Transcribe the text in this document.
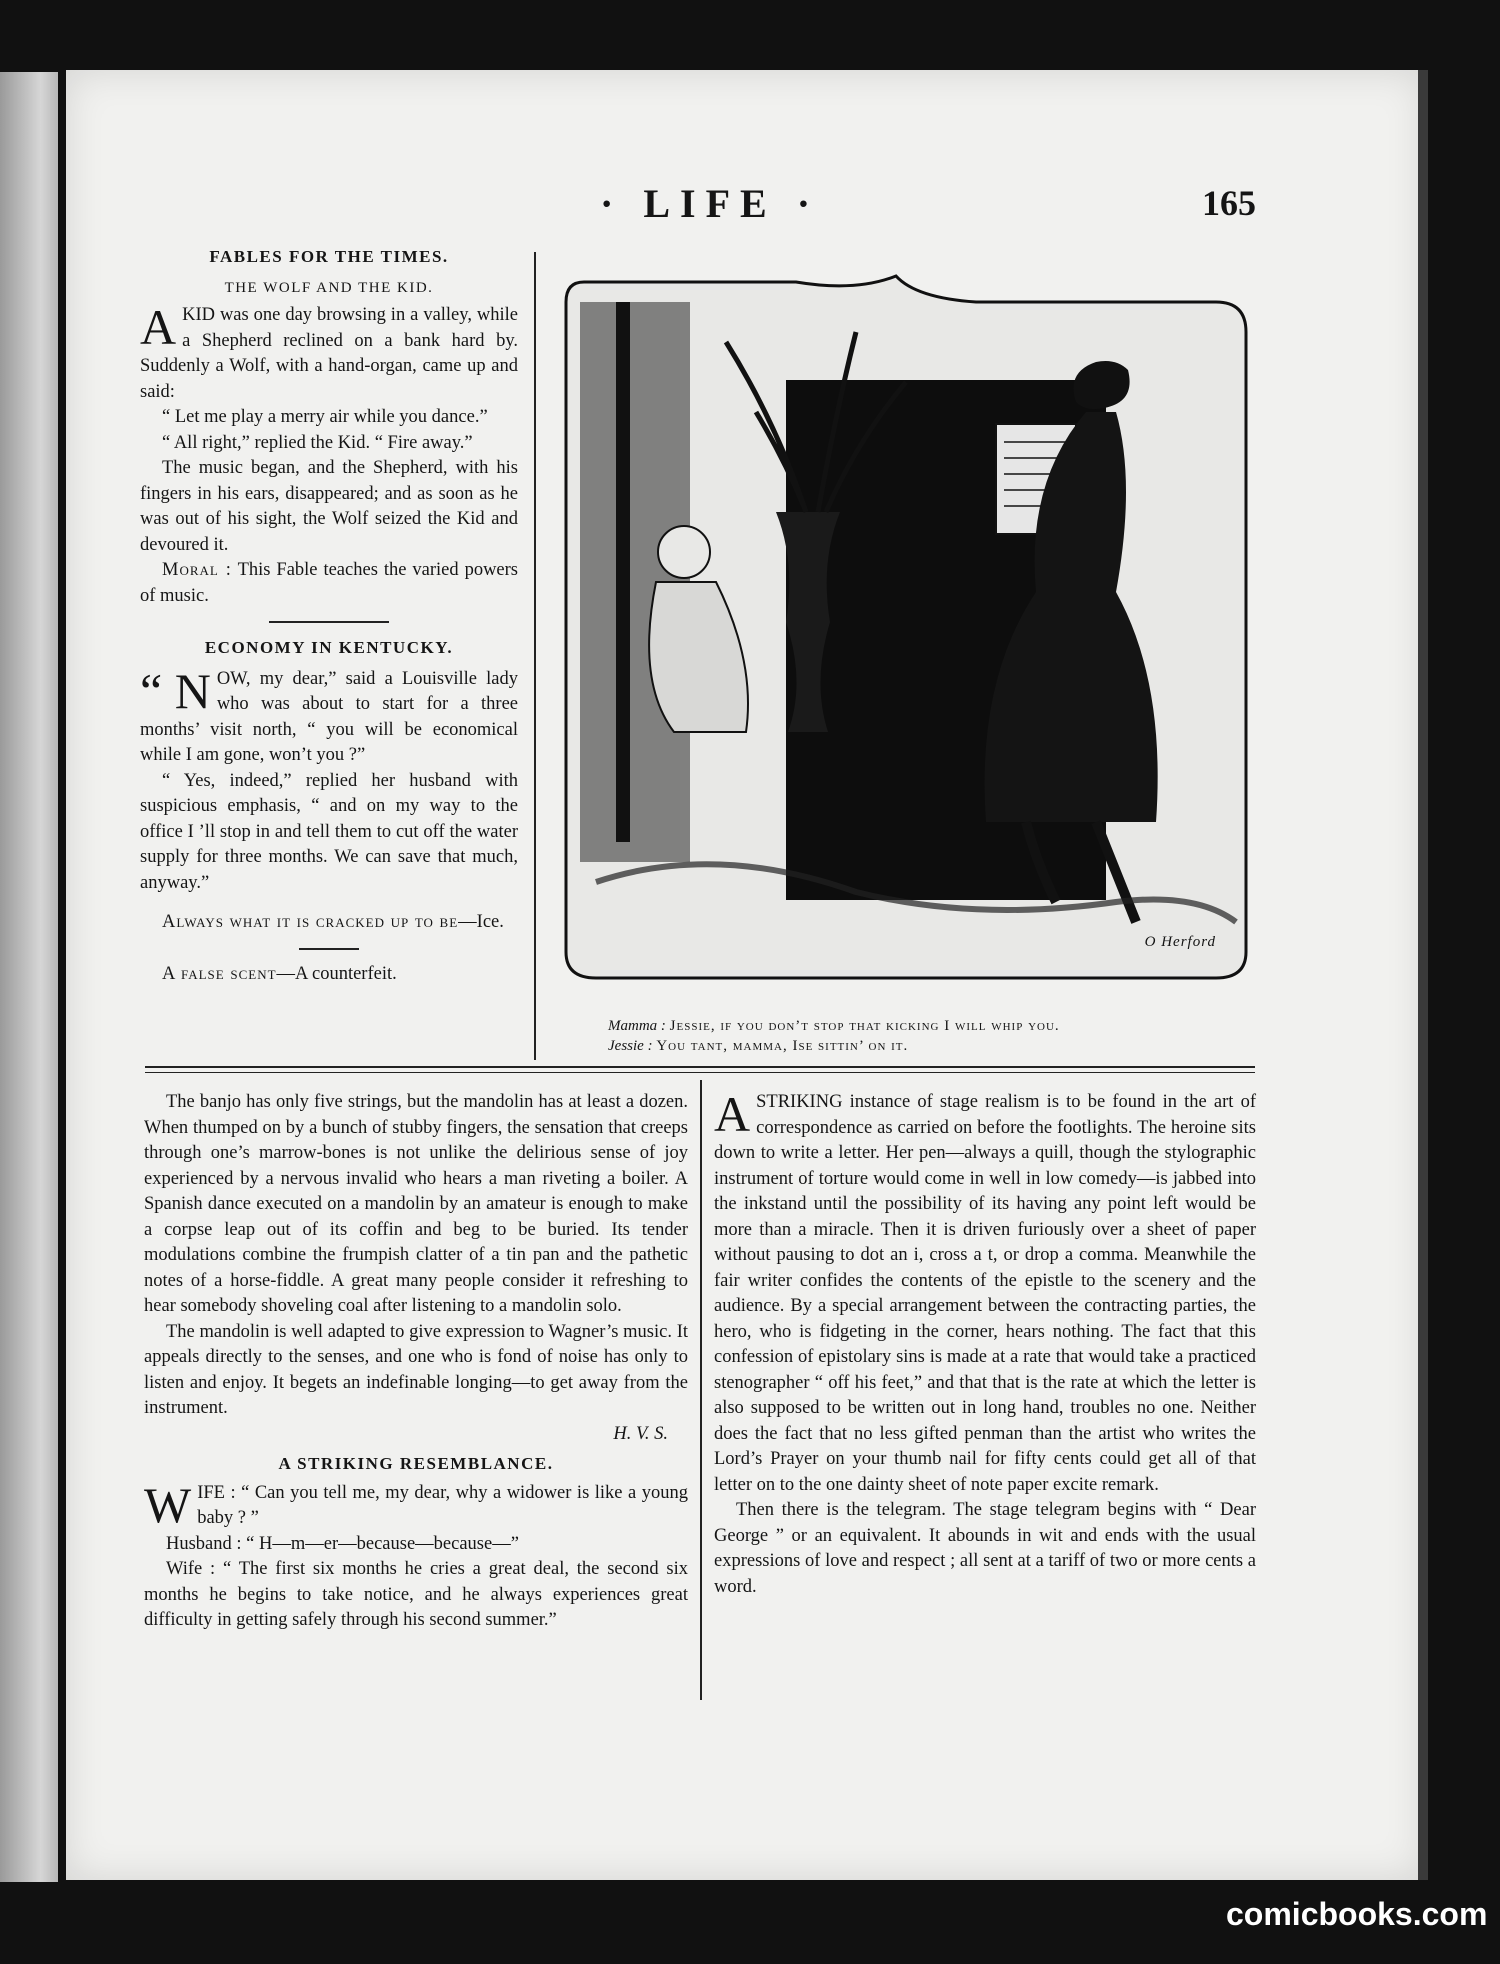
· LIFE ·	165
FABLES FOR THE TIMES.
THE WOLF AND THE KID.

AKID was one day browsing in a valley, while a Shepherd reclined on a bank hard by. Suddenly a Wolf, with a hand-organ, came up and said:

“ Let me play a merry air while you dance.”

“ All right,” replied the Kid. “ Fire away.”

The music began, and the Shepherd, with his fingers in his ears, disappeared; and as soon as he was out of his sight, the Wolf seized the Kid and devoured it.

Moral : This Fable teaches the varied powers of music.

ECONOMY IN KENTUCKY.

“ N OW, my dear,” said a Louisville lady who was about to start for a three months’ visit north, “ you will be economical while I am gone, won’t you ?”

“ Yes, indeed,” replied her husband with suspicious emphasis, “ and on my way to the office I ’ll stop in and tell them to cut off the water supply for three months. We can save that much, anyway.”

Always what it is cracked up to be—Ice.

A false scent—A counterfeit.

O Herford
Mamma : Jessie, if you don’t stop that kicking I will whip you.
Jessie : You tant, mamma, Ise sittin’ on it.

The banjo has only five strings, but the mandolin has at least a dozen. When thumped on by a bunch of stubby fingers, the sensation that creeps through one’s marrow-bones is not unlike the delirious sense of joy experienced by a nervous invalid who hears a man riveting a boiler. A Spanish dance executed on a mandolin by an amateur is enough to make a corpse leap out of its coffin and beg to be buried. Its tender modulations combine the frumpish clatter of a tin pan and the pathetic notes of a horse-fiddle. A great many people consider it refreshing to hear somebody shoveling coal after listening to a mandolin solo.

The mandolin is well adapted to give expression to Wagner’s music. It appeals directly to the senses, and one who is fond of noise has only to listen and enjoy. It begets an indefinable longing—to get away from the instrument.

H. V. S.

A STRIKING RESEMBLANCE.

WIFE : “ Can you tell me, my dear, why a widower is like a young baby ? ”

Husband : “ H—m—er—because—because—”

Wife : “ The first six months he cries a great deal, the second six months he begins to take notice, and he always experiences great difficulty in getting safely through his second summer.”

ASTRIKING instance of stage realism is to be found in the art of correspondence as carried on before the footlights. The heroine sits down to write a letter. Her pen—always a quill, though the stylographic instrument of torture would come in well in low comedy—is jabbed into the inkstand until the possibility of its having any point left would be more than a miracle. Then it is driven furiously over a sheet of paper without pausing to dot an i, cross a t, or drop a comma. Meanwhile the fair writer confides the contents of the epistle to the scenery and the audience. By a special arrangement between the contracting parties, the hero, who is fidgeting in the corner, hears nothing. The fact that this confession of epistolary sins is made at a rate that would take a practiced stenographer “ off his feet,” and that that is the rate at which the letter is also supposed to be written out in long hand, troubles no one. Neither does the fact that no less gifted penman than the artist who writes the Lord’s Prayer on your thumb nail for fifty cents could get all of that letter on to the one dainty sheet of note paper excite remark.

Then there is the telegram. The stage telegram begins with “ Dear George ” or an equivalent. It abounds in wit and ends with the usual expressions of love and respect ; all sent at a tariff of two or more cents a word.

comicbooks.com
